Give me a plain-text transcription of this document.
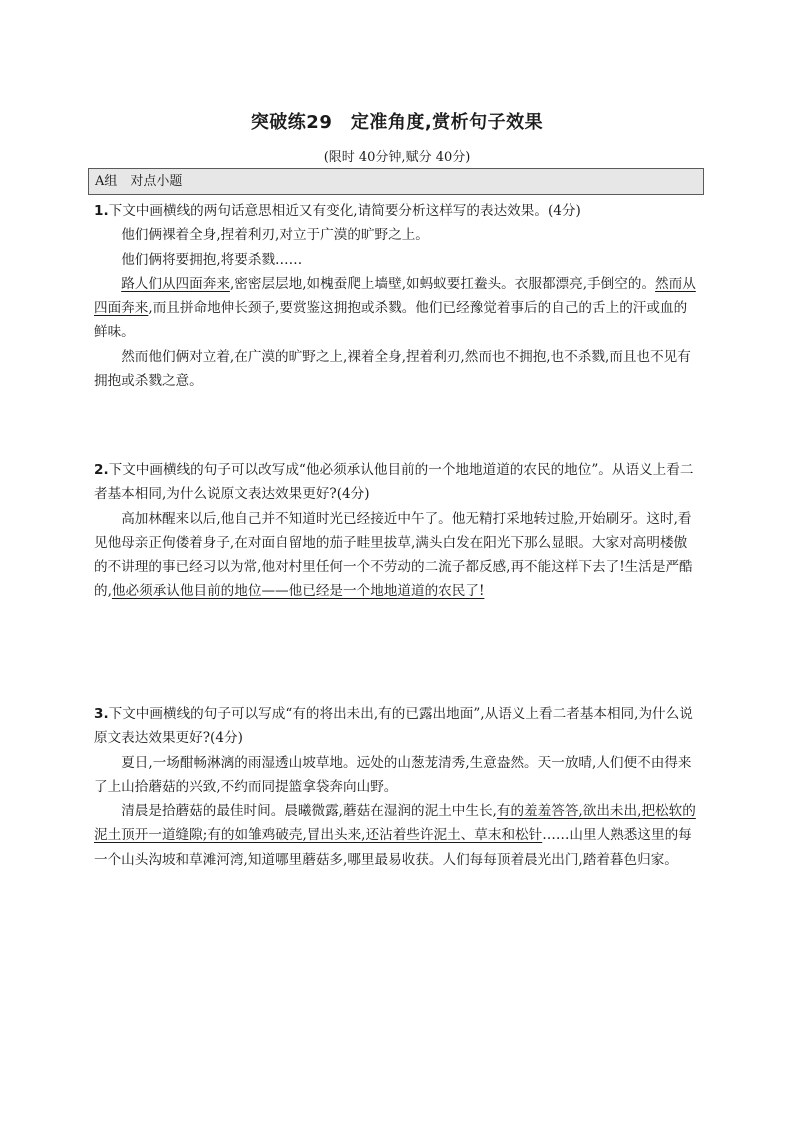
突破练29　定准角度,赏析句子效果
(限时 40分钟,赋分 40分)
A组　对点小题

1.下文中画横线的两句话意思相近又有变化,请简要分析这样写的表达效果。(4分)

他们俩裸着全身,捏着利刃,对立于广漠的旷野之上。

他们俩将要拥抱,将要杀戮……

路人们从四面奔来,密密层层地,如槐蚕爬上墙壁,如蚂蚁要扛鲞头。衣服都漂亮,手倒空的。然而从四面奔来,而且拼命地伸长颈子,要赏鉴这拥抱或杀戮。他们已经豫觉着事后的自己的舌上的汗或血的鲜味。

然而他们俩对立着,在广漠的旷野之上,裸着全身,捏着利刃,然而也不拥抱,也不杀戮,而且也不见有拥抱或杀戮之意。

2.下文中画横线的句子可以改写成“他必须承认他目前的一个地地道道的农民的地位”。从语义上看二者基本相同,为什么说原文表达效果更好?(4分)

高加林醒来以后,他自己并不知道时光已经接近中午了。他无精打采地转过脸,开始刷牙。这时,看见他母亲正佝偻着身子,在对面自留地的茄子畦里拔草,满头白发在阳光下那么显眼。大家对高明楼傲的不讲理的事已经习以为常,他对村里任何一个不劳动的二流子都反感,再不能这样下去了!生活是严酷的,他必须承认他目前的地位——他已经是一个地地道道的农民了!

3.下文中画横线的句子可以写成“有的将出未出,有的已露出地面”,从语义上看二者基本相同,为什么说原文表达效果更好?(4分)

夏日,一场酣畅淋漓的雨湿透山坡草地。远处的山葱茏清秀,生意盎然。天一放晴,人们便不由得来了上山拾蘑菇的兴致,不约而同提篮拿袋奔向山野。

清晨是拾蘑菇的最佳时间。晨曦微露,蘑菇在湿润的泥土中生长,有的羞羞答答,欲出未出,把松软的泥土顶开一道缝隙;有的如雏鸡破壳,冒出头来,还沾着些许泥土、草末和松针……山里人熟悉这里的每一个山头沟坡和草滩河湾,知道哪里蘑菇多,哪里最易收获。人们每每顶着晨光出门,踏着暮色归家。
